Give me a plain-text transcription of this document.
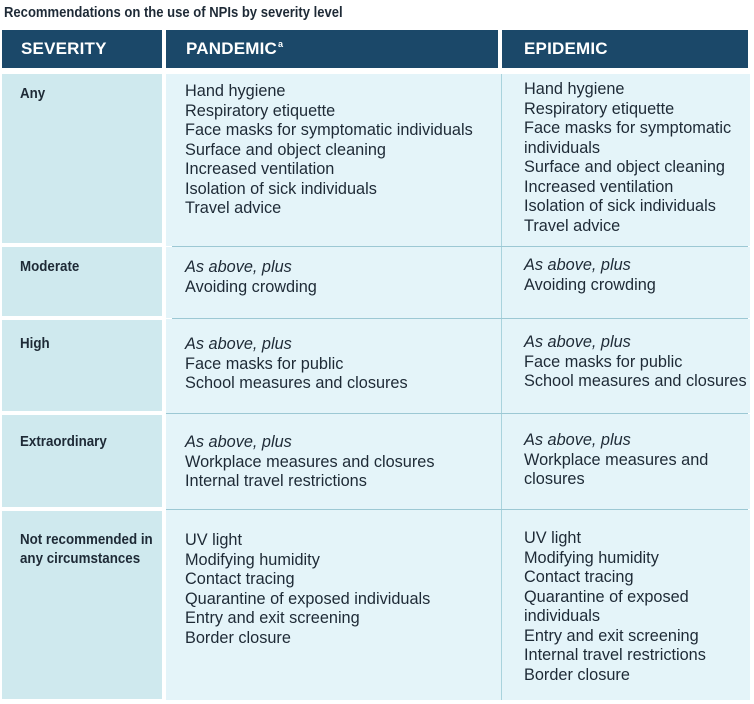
Recommendations on the use of NPIs by severity level
SEVERITY	PANDEMIC$^a$	EPIDEMIC
Any
Moderate
High
Extraordinary
Not recommended in
any circumstances
Hand hygiene
Respiratory etiquette
Face masks for symptomatic individuals
Surface and object cleaning
Increased ventilation
Isolation of sick individuals
Travel advice
Hand hygiene
Respiratory etiquette
Face masks for symptomatic
individuals
Surface and object cleaning
Increased ventilation
Isolation of sick individuals
Travel advice
As above, plus
Avoiding crowding
As above, plus
Avoiding crowding
As above, plus
Face masks for public
School measures and closures
As above, plus
Face masks for public
School measures and closures
As above, plus
Workplace measures and closures
Internal travel restrictions
As above, plus
Workplace measures and
closures
UV light
Modifying humidity
Contact tracing
Quarantine of exposed individuals
Entry and exit screening
Border closure
UV light
Modifying humidity
Contact tracing
Quarantine of exposed
individuals
Entry and exit screening
Internal travel restrictions
Border closure
